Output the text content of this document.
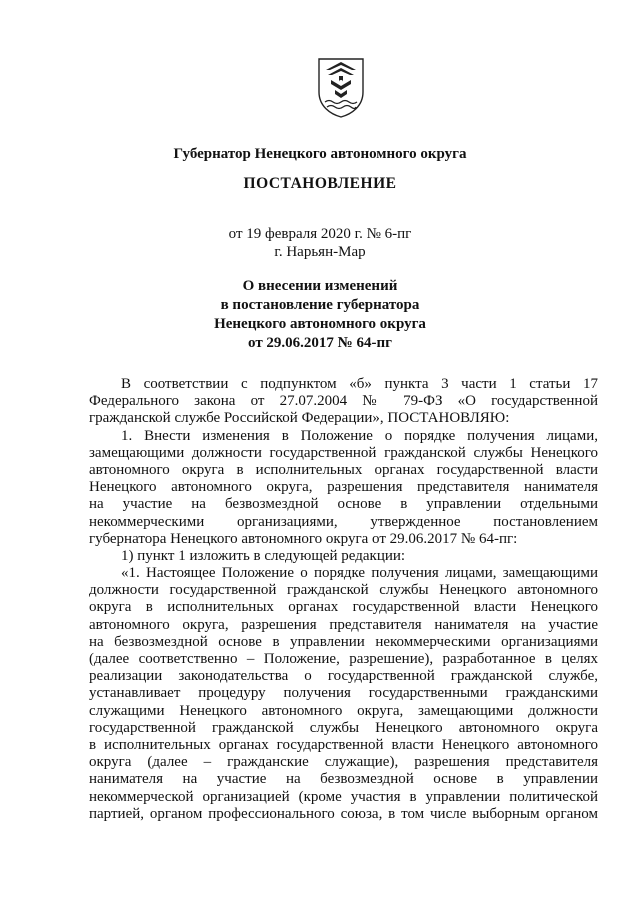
Губернатор Ненецкого автономного округа
ПОСТАНОВЛЕНИЕ
от 19 февраля 2020 г. № 6-пг
г. Нарьян-Мар
О внесении изменений
в постановление губернатора
Ненецкого автономного округа
от 29.06.2017 № 64-пг
В соответствии с подпунктом «б» пункта 3 части 1 статьи 17
Федерального закона от 27.07.2004 № 79-ФЗ «О государственной
гражданской службе Российской Федерации», ПОСТАНОВЛЯЮ:
1. Внести изменения в Положение о порядке получения лицами,
замещающими должности государственной гражданской службы Ненецкого
автономного округа в исполнительных органах государственной власти
Ненецкого автономного округа, разрешения представителя нанимателя
на участие на безвозмездной основе в управлении отдельными
некоммерческими организациями, утвержденное постановлением
губернатора Ненецкого автономного округа от 29.06.2017 № 64-пг:
1) пункт 1 изложить в следующей редакции:
«1. Настоящее Положение о порядке получения лицами, замещающими
должности государственной гражданской службы Ненецкого автономного
округа в исполнительных органах государственной власти Ненецкого
автономного округа, разрешения представителя нанимателя на участие
на безвозмездной основе в управлении некоммерческими организациями
(далее соответственно – Положение, разрешение), разработанное в целях
реализации законодательства о государственной гражданской службе,
устанавливает процедуру получения государственными гражданскими
служащими Ненецкого автономного округа, замещающими должности
государственной гражданской службы Ненецкого автономного округа
в исполнительных органах государственной власти Ненецкого автономного
округа (далее – гражданские служащие), разрешения представителя
нанимателя на участие на безвозмездной основе в управлении
некоммерческой организацией (кроме участия в управлении политической
партией, органом профессионального союза, в том числе выборным органом
